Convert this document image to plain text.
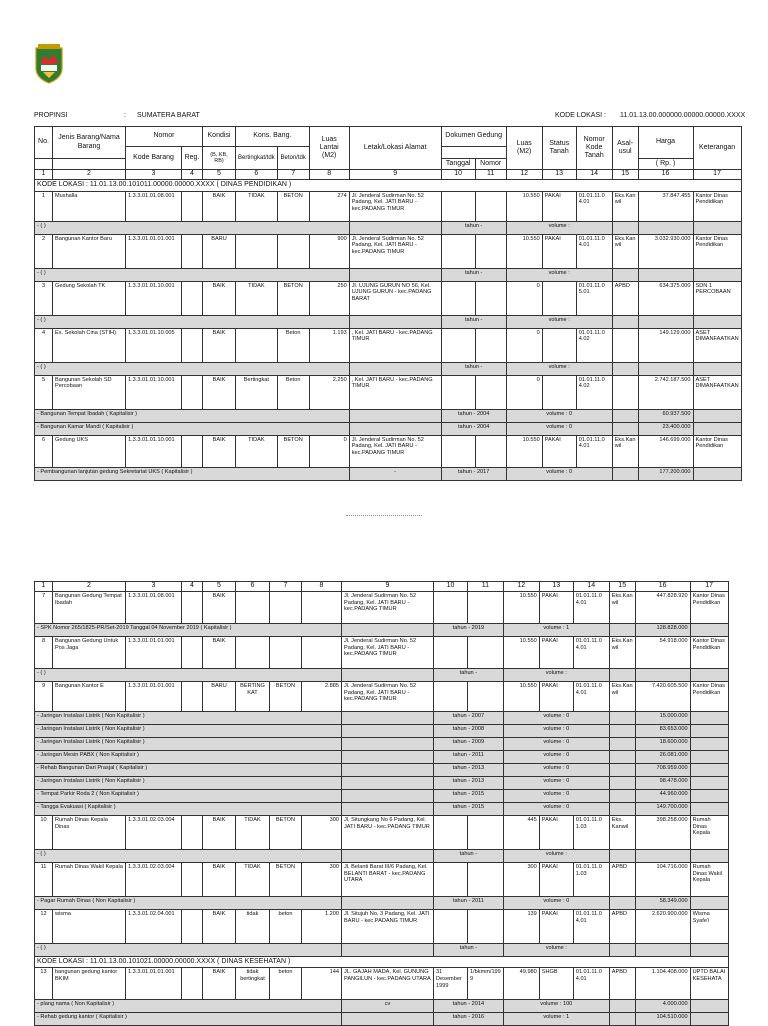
PROPINSI	: SUMATERA BARAT	KODE LOKASI : 11.01.13.00.000000.00000.00000.XXXX
No.	Jenis Barang/Nama Barang	Nomor		Kondisi	Kons. Bang.		Luas Lantai (M2)	Letak/Lokasi Alamat	Dokumen Gedung		Luas (M2)	Status Tanah	Nomor Kode Tanah	Asal-usul	Harga	Keterangan
		Kode Barang	Reg.	(B, KB, RB)	Bertingkat/tdk	Beton/tdk										
									Tanggal	Nomor					( Rp. )	
1	2	3	4	5	6	7	8	9	10	11	12	13	14	15	16	17
KODE LOKASI : 11.01.13.00.101011.00000.00000.XXXX ( DINAS PENDIDIKAN )																
1	Mushalla	1.3.3.01.01.08.001		BAIK	TIDAK	BETON	274	Jl. Jenderal Sudirman No. 52 Padang, Kel. JATI BARU - kec.PADANG TIMUR			10.550	PAKAI	01.01.11.0 4.01	Eks.Kan wil	37.847.455	Kantor Dinas Pendidikan
- ( )									tahun -		volume :					
2	Bangunan Kantor Baru	1.3.3.01.01.01.001		BARU			900	Jl. Jenderal Sudirman No. 52 Padang, Kel. JATI BARU - kec.PADANG TIMUR			10.550	PAKAI	01.01.11.0 4.01	Eks.Kan wil	3.032.930.000	Kantor Dinas Pendidikan
- ( )									tahun -		volume :					
3	Gedung Sekolah TK	1.3.3.01.01.10.001		BAIK	TIDAK	BETON	250	Jl. UJUNG GURUN NO 56, Kel. UJUNG GURUN - kec.PADANG BARAT			0		01.01.11.0 5.01	APBD	634.375.000	SDN 1 PERCOBAAN
- ( )									tahun -		volume :					
4	Ex. Sekolah Cina (STIH)	1.3.3.01.01.10.005		BAIK		Beton	1.193	, Kel. JATI BARU - kec.PADANG TIMUR			0		01.01.11.0 4.02		149.129.000	ASET DIMANFAATKAN
- ( )									tahun -		volume :					
5	Bangunan Sekolah SD Percobaan	1.3.3.01.01.10.001		BAIK	Bertingkat	Beton	2.250	, Kel. JATI BARU - kec.PADANG TIMUR			0		01.01.11.0 4.02		2.742.187.500	ASET DIMANFAATKAN
- Bangunan Tempat Ibadah ( Kapitalisir )									tahun - 2004		volume : 0				60.937.500	
- Bangunan Kamar Mandi ( Kapitalisir )									tahun - 2004		volume : 0				23.400.000	
6	Gedung UKS	1.3.3.01.01.10.001		BAIK	TIDAK	BETON	0	Jl. Jenderal Sudirman No. 52 Padang, Kel. JATI BARU - kec.PADANG TIMUR			10.550	PAKAI	01.01.11.0 4.01	Eks.Kan wil	146.699.000	Kantor Dinas Pendidikan
- Pembangunan lanjutan gedung Sekretariat UKS ( Kapitalisir )								-	tahun - 2017		volume : 0				177.200.000	
1	2	3	4	5	6	7	8	9	10	11	12	13	14	15	16	17
7	Bangunan Gedung Tempat Ibadah	1.3.3.01.01.08.001		BAIK				Jl. Jenderal Sudirman No. 52 Padang, Kel. JATI BARU - kec.PADANG TIMUR			10.550	PAKAI	01.01.11.0 4.01	Eks.Kan wil	447.828.920	Kantor Dinas Pendidikan
- SPK Nomor 265/1825-PR/Set-2019 Tanggal 04 November 2019 ( Kapitalisir )									tahun - 2019		volume : 1				128.828.000	
8	Bangunan Gedung Untuk Pos Jaga	1.3.3.01.01.01.001		BAIK				Jl. Jenderal Sudirman No. 52 Padang, Kel. JATI BARU - kec.PADANG TIMUR			10.550	PAKAI	01.01.11.0 4.01	Eks.Kan wil	54.918.000	Kantor Dinas Pendidikan
- ( )									tahun -		volume :					
9	Bangunan Kantor E	1.3.3.01.01.01.001		BARU	BERTING KAT	BETON	2.885	Jl. Jenderal Sudirman No. 52 Padang, Kel. JATI BARU - kec.PADANG TIMUR			10.550	PAKAI	01.01.11.0 4.01	Eks.Kan wil	7.420.605.500	Kantor Dinas Pendidikan
- Jaringan Instalasi Listrik ( Non Kapitalisir )									tahun - 2007		volume : 0				15.000.000	
- Jaringan Instalasi Listrik ( Non Kapitalisir )									tahun - 2008		volume : 0				83.653.000	
- Jaringan Instalasi Listrik ( Non Kapitalisir )									tahun - 2009		volume : 0				18.600.000	
- Jaringan Mesin PABX ( Non Kapitalisir )									tahun - 2011		volume : 0				26.081.000	
- Rehab Bangunan Dari Prasjal ( Kapitalisir )									tahun - 2013		volume : 0				708.959.000	
- Jaringan Instalasi Listrik ( Non Kapitalisir )									tahun - 2013		volume : 0				98.478.000	
- Tempat Parkir Roda 2 ( Non Kapitalisir )									tahun - 2015		volume : 0				44.960.000	
- Tangga Evakuasi ( Kapitalisir )									tahun - 2015		volume : 0				149.700.000	
10	Rumah Dinas Kepala Dinas	1.3.3.01.02.03.004		BAIK	TIDAK	BETON	300	Jl. Situngkang No 6 Padang, Kel. JATI BARU - kec.PADANG TIMUR			445	PAKAI	01.01.11.0 1.03	Eks. Kanwil	398.258.000	Rumah Dinas Kepala
- ( )									tahun -		volume :					
11	Rumah Dinas Wakil Kepala	1.3.3.01.02.03.004		BAIK	TIDAK	BETON	300	Jl. Belanti Barat III/6 Padang, Kel. BELANTI BARAT - kec.PADANG UTARA			300	PAKAI	01.01.11.0 1.03	APBD	104.716.000	Rumah Dinas Wakil Kepala
- Pagar Rumah Dinas ( Non Kapitalisir )									tahun - 2011		volume : 0				58.349.000	
12	wisma	1.3.3.01.02.04.001		BAIK	tidak	beton	1.200	Jl. Situjuh No. 3 Padang, Kel. JATI BARU - kec.PADANG TIMUR			139	PAKAI	01.01.11.0 4.01	APBD	2.620.900.000	Wisma Syafe'i
- ( )									tahun -		volume :					
KODE LOKASI : 11.01.13.00.101021.00000.00000.XXXX ( DINAS KESEHATAN )																
13	bangunan gedung kantor BKIM	1.3.3.01.01.01.001		BAIK	tidak bertingkat	beton	144	JL. GAJAH MADA, Kel. GUNUNG PANGILUN - kec.PADANG UTARA	31 Desember 1999	1/bkmm/199 9	49.980	SHGB	01.01.11.0 4.01	APBD	1.104.408.000	UPTD BALAI KESEHATA
- plang nama ( Non Kapitalisir )								cv	tahun - 2014		volume : 100				4.000.000	
- Rehab gedung kantor ( Kapitalisir )									tahun - 2016		volume : 1				104.510.000	
